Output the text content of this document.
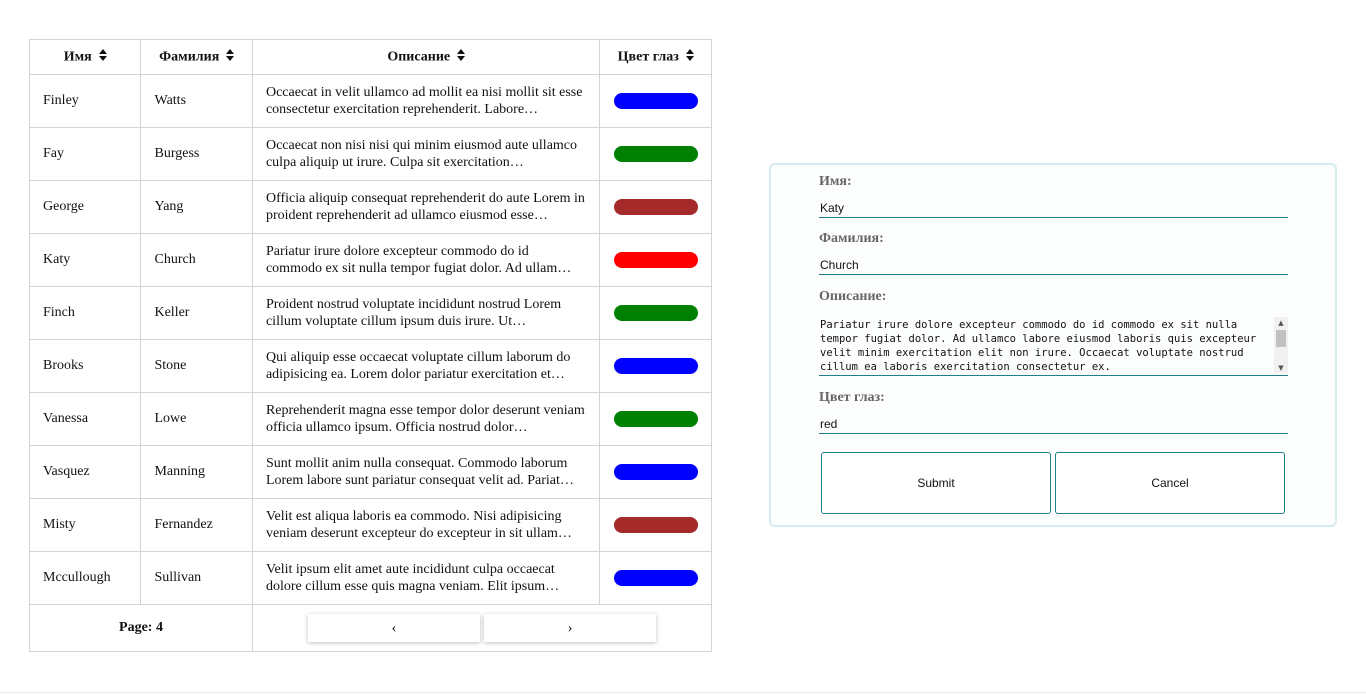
Имя	Фамилия	Описание	Цвет глаз
Finley	Watts	Occaecat in velit ullamco ad mollit ea nisi mollit sit esse consectetur exercitation reprehenderit. Labore…	

Fay	Burgess	Occaecat non nisi nisi qui minim eiusmod aute ullamco culpa aliquip ut irure. Culpa sit exercitation…	

George	Yang	Officia aliquip consequat reprehenderit do aute Lorem in proident reprehenderit ad ullamco eiusmod esse…	

Katy	Church	Pariatur irure dolore excepteur commodo do id commodo ex sit nulla tempor fugiat dolor. Ad ullam…	

Finch	Keller	Proident nostrud voluptate incididunt nostrud Lorem cillum voluptate cillum ipsum duis irure. Ut…	

Brooks	Stone	Qui aliquip esse occaecat voluptate cillum laborum do adipisicing ea. Lorem dolor pariatur exercitation et…	

Vanessa	Lowe	Reprehenderit magna esse tempor dolor deserunt veniam officia ullamco ipsum. Officia nostrud dolor…	

Vasquez	Manning	Sunt mollit anim nulla consequat. Commodo laborum Lorem labore sunt pariatur consequat velit ad. Pariat…	

Misty	Fernandez	Velit est aliqua laboris ea commodo. Nisi adipisicing veniam deserunt excepteur do excepteur in sit ullam…	

Mccullough	Sullivan	Velit ipsum elit amet aute incididunt culpa occaecat dolore cillum esse quis magna veniam. Elit ipsum…	

Page: 4	‹	›
Имя:
Katy
Фамилия:
Church
Описание:
Pariatur irure dolore excepteur commodo do id commodo ex sit nulla tempor fugiat dolor. Ad ullamco labore eiusmod laboris quis excepteur velit minim exercitation elit non irure. Occaecat voluptate nostrud cillum ea laboris exercitation consectetur ex.
▲
▼
Цвет глаз:
red
Submit	Cancel
